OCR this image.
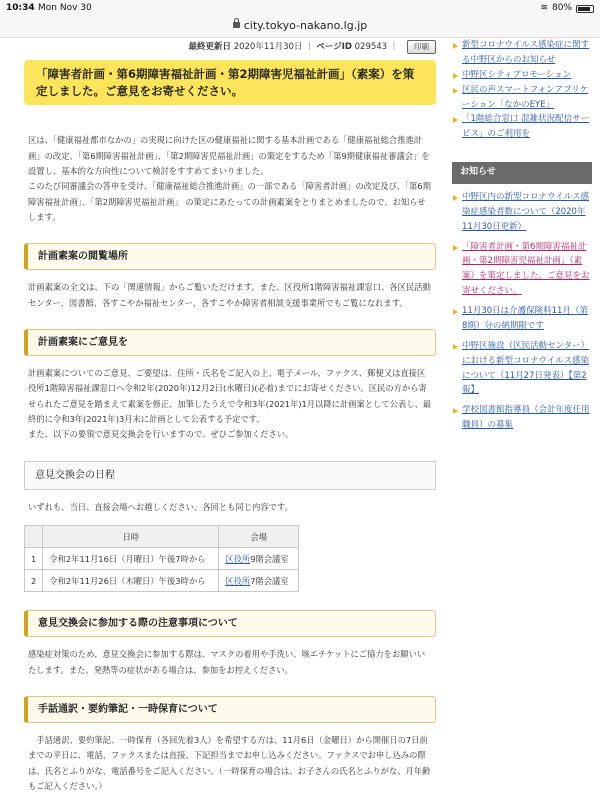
10:34 Mon Nov 30	≋ 80%
city.tokyo-nakano.lg.jp
最終更新日 2020年11月30日 ｜ ページID 029543 ｜ 印刷
「障害者計画・第6期障害福祉計画・第2期障害児福祉計画」（素案）を策定しました。ご意見をお寄せください。

区は、「健康福祉都市なかの」の実現に向けた区の健康福祉に関する基本計画である「健康福祉総合推進計画」の改定、「第6期障害福祉計画」、「第2期障害児福祉計画」の策定をするため「第9期健康福祉審議会」を設置し、基本的な方向性について検討をすすめてまいりました。

このたび同審議会の答申を受け、「健康福祉総合推進計画」の一部である「障害者計画」の改定及び、「第6期障害福祉計画」、「第2期障害児福祉計画」 の策定にあたっての計画素案をとりまとめましたので、お知らせします。

計画素案の閲覧場所
計画素案の全文は、下の「関連情報」からご覧いただけます。また、区役所1階障害福祉課窓口、各区民活動センター、図書館、各すこやか福祉センター、各すこやか障害者相談支援事業所でもご覧になれます。
計画素案にご意見を
計画素案についてのご意見、ご要望は、住所・氏名をご記入の上、電子メール、ファクス、郵便又は直接区役所1階障害福祉課窓口へ令和2年(2020年)12月2日(水曜日)(必着)までにお寄せください。区民の方から寄せられたご意見を踏まえて素案を修正、加筆したうえで令和3年(2021年)1月以降に計画案として公表し、最終的に令和3年(2021年)3月末に計画として公表する予定です。
また、以下の要領で意見交換会を行いますので、ぜひご参加ください。
意見交換会の日程
いずれも、当日、直接会場へお越しください。各回とも同じ内容です。
	日時	会場
1	令和2年11月16日（月曜日）午後7時から	区役所9階会議室
2	令和2年11月26日（木曜日）午後3時から	区役所7階会議室
意見交換会に参加する際の注意事項について
感染症対策のため、意見交換会に参加する際は、マスクの着用や手洗い、咳エチケットにご協力をお願いいたします。また、発熱等の症状がある場合は、参加をお控えください。
手話通訳・要約筆記・一時保育について
手話通訳、要約筆記、一時保育（各回先着3人）を希望する方は、11月6日（金曜日）から開催日の7日前までの平日に、電話、ファクスまたは直接、下記担当までお申し込みください。ファクスでお申し込みの際は、氏名とふりがな、電話番号をご記入ください。（一時保育の場合は、お子さんの氏名とふりがな、月年齢もご記入ください。）
新型コロナウイルス感染症に関する中野区からのお知らせ
中野区シティプロモーション
区民の声スマートフォンアプリケーション「なかのEYE」
「1階総合窓口 混雑状況配信サービス」のご利用を
お知らせ
中野区内の新型コロナウイルス感染症感染者数について（2020年11月30日更新）
「障害者計画・第6期障害福祉計画・第2期障害児福祉計画」（素案）を策定しました。ご意見をお寄せください。
11月30日は介護保険料11月（第8期）分の納期限です
中野区施設（区民活動センター）における新型コロナウイルス感染について（11月27日発表）【第2報】
学校図書館指導員（会計年度任用職員）の募集
